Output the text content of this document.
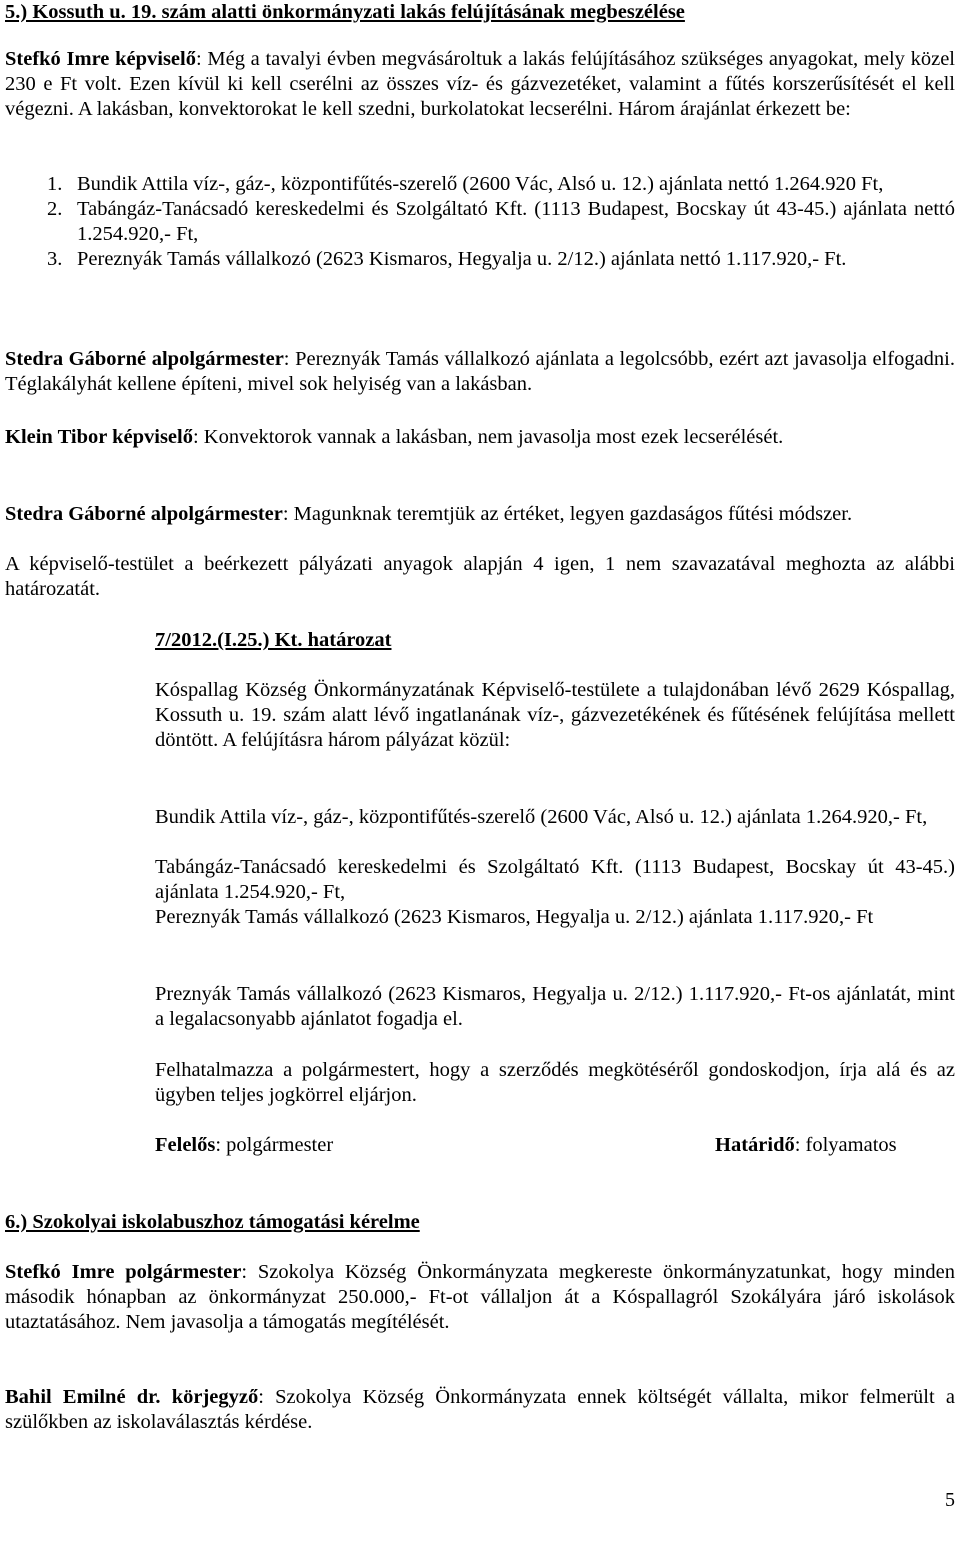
5.) Kossuth u. 19. szám alatti önkormányzati lakás felújításának megbeszélése

Stefkó Imre képviselő: Még a tavalyi évben megvásároltuk a lakás felújításához szükséges anyagokat, mely közel 230 e Ft volt. Ezen kívül ki kell cserélni az összes víz- és gázvezetéket, valamint a fűtés korszerűsítését el kell végezni. A lakásban, konvektorokat le kell szedni, burkolatokat lecserélni. Három árajánlat érkezett be:

1. Bundik Attila víz-, gáz-, központifűtés-szerelő (2600 Vác, Alsó u. 12.) ajánlata nettó 1.264.920 Ft,
2. Tabángáz-Tanácsadó kereskedelmi és Szolgáltató Kft. (1113 Budapest, Bocskay út 43-45.) ajánlata nettó 1.254.920,- Ft,
3. Pereznyák Tamás vállalkozó (2623 Kismaros, Hegyalja u. 2/12.) ajánlata nettó 1.117.920,- Ft.

Stedra Gáborné alpolgármester: Pereznyák Tamás vállalkozó ajánlata a legolcsóbb, ezért azt javasolja elfogadni. Téglakályhát kellene építeni, mivel sok helyiség van a lakásban.

Klein Tibor képviselő: Konvektorok vannak a lakásban, nem javasolja most ezek lecserélését.

Stedra Gáborné alpolgármester: Magunknak teremtjük az értéket, legyen gazdaságos fűtési módszer.

A képviselő-testület a beérkezett pályázati anyagok alapján 4 igen, 1 nem szavazatával meghozta az alábbi határozatát.

7/2012.(I.25.) Kt. határozat

Kóspallag Község Önkormányzatának Képviselő-testülete a tulajdonában lévő 2629 Kóspallag, Kossuth u. 19. szám alatt lévő ingatlanának víz-, gázvezetékének és fűtésének felújítása mellett döntött. A felújításra három pályázat közül:

Bundik Attila víz-, gáz-, központifűtés-szerelő (2600 Vác, Alsó u. 12.) ajánlata 1.264.920,- Ft,

Tabángáz-Tanácsadó kereskedelmi és Szolgáltató Kft. (1113 Budapest, Bocskay út 43-45.) ajánlata 1.254.920,- Ft,

Pereznyák Tamás vállalkozó (2623 Kismaros, Hegyalja u. 2/12.) ajánlata 1.117.920,- Ft

Preznyák Tamás vállalkozó (2623 Kismaros, Hegyalja u. 2/12.) 1.117.920,- Ft-os ajánlatát, mint a legalacsonyabb ajánlatot fogadja el.

Felhatalmazza a polgármestert, hogy a szerződés megkötéséről gondoskodjon, írja alá és az ügyben teljes jogkörrel eljárjon.

Felelős: polgármester	Határidő: folyamatos

6.) Szokolyai iskolabuszhoz támogatási kérelme

Stefkó Imre polgármester: Szokolya Község Önkormányzata megkereste önkormányzatunkat, hogy minden második hónapban az önkormányzat 250.000,- Ft-ot vállaljon át a Kóspallagról Szokályára járó iskolások utaztatásához. Nem javasolja a támogatás megítélését.

Bahil Emilné dr. körjegyző: Szokolya Község Önkormányzata ennek költségét vállalta, mikor felmerült a szülőkben az iskolaválasztás kérdése.

5
